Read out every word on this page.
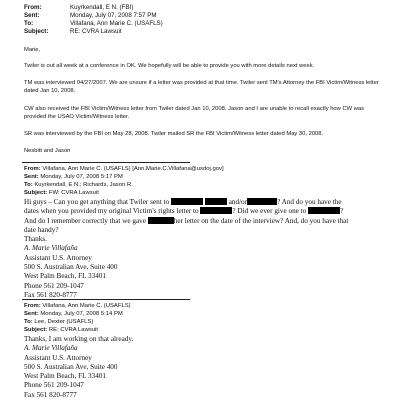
From:	Kuyrkendall, E N. (FBI)
Sent:	Monday, July 07, 2008 7:57 PM
To:	Villafana, Ann Marie C. (USAFLS)
Subject:	RE: CVRA Lawsuit

Marie,

Twiler is out all week at a conference in OK. We hopefully will be able to provide you with more details next week.

TM was interviewed 04/27/2007. We are unsure if a letter was provided at that time. Twiler sent TM's Attorney the FBI Victim/Witness letter dated Jan 10, 2008.

CW also received the FBI Victim/Witness letter from Twiler dated Jan 10, 2008. Jason and I are unable to recall exactly how CW was provided the USAO Victim/Witness letter.

SR was interviewed by the FBI on May 28, 2008. Twiler mailed SR the FBI Victim/Witness letter dated May 30, 2008.

Nesbitt and Jason

From: Villafana, Ann Marie C. (USAFLS) [Ann.Marie.C.Villafana@usdoj.gov]
Sent: Monday, July 07, 2008 5:17 PM
To: Kuyrkendall, E N.; Richards, Jason R.
Subject: FW: CVRA Lawsuit
Hi guys – Can you get anything that Twiler sent to	and/or	? And do you have the
dates when you provided my original Victim's rights letter to	? Did we ever give one to	?
And do I remember correctly that we gave	her letter on the date of the interview? And, do you have that
date handy?
Thanks.
A. Marie Villafaña
Assistant U.S. Attorney
500 S. Australian Ave, Suite 400
West Palm Beach, FL 33401
Phone 561 209-1047
Fax 561 820-8777
From: Villafana, Ann Marie C. (USAFLS)
Sent: Monday, July 07, 2008 5:14 PM
To: Lee, Dexter (USAFLS)
Subject: RE: CVRA Lawsuit
Thanks, I am working on that already.
A. Marie Villafaña
Assistant U.S. Attorney
500 S. Australian Ave, Suite 400
West Palm Beach, FL 33401
Phone 561 209-1047
Fax 561 820-8777
